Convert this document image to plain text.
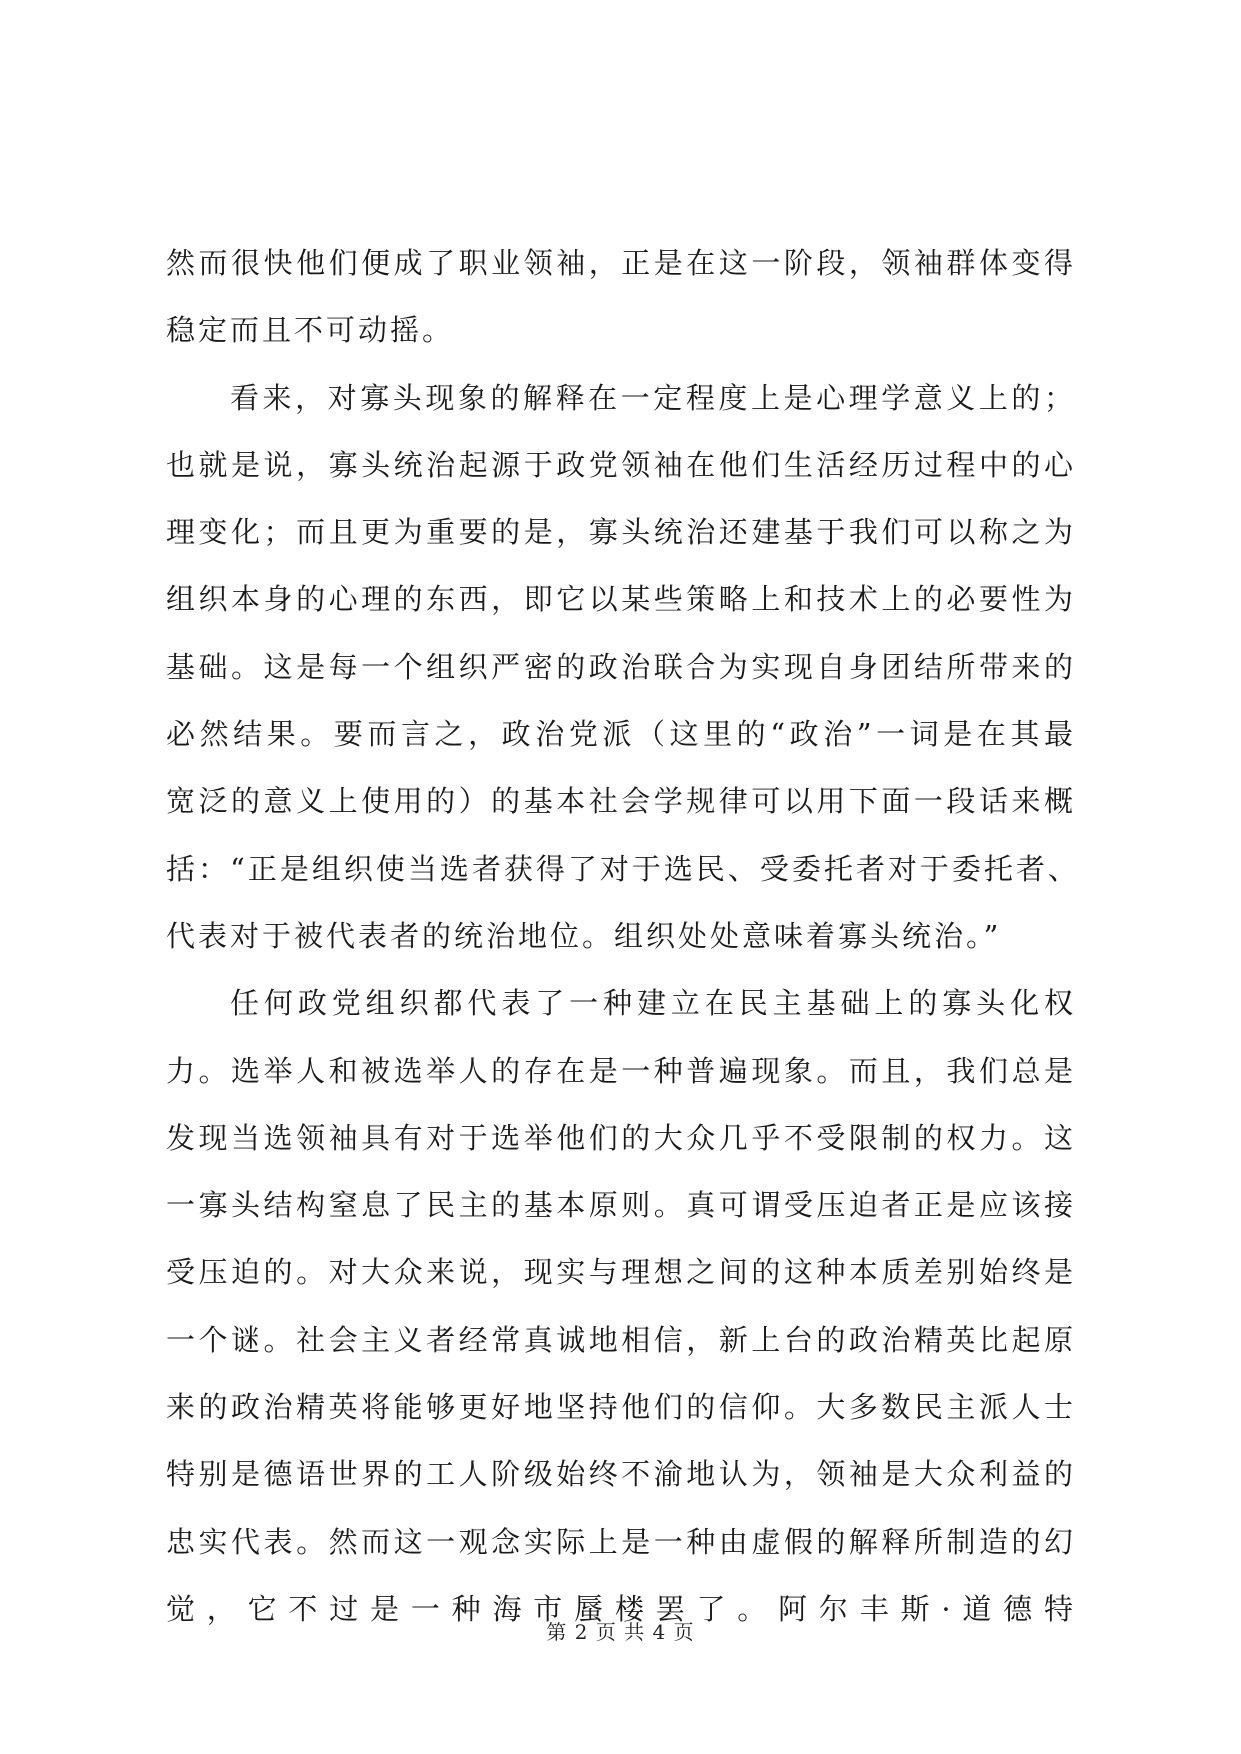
然而很快他们便成了职业领袖，正是在这一阶段，领袖群体变得
稳定而且不可动摇。
看来，对寡头现象的解释在一定程度上是心理学意义上的；
也就是说，寡头统治起源于政党领袖在他们生活经历过程中的心
理变化；而且更为重要的是，寡头统治还建基于我们可以称之为
组织本身的心理的东西，即它以某些策略上和技术上的必要性为
基础。这是每一个组织严密的政治联合为实现自身团结所带来的
必然结果。要而言之，政治党派（这里的“政治”一词是在其最
宽泛的意义上使用的）的基本社会学规律可以用下面一段话来概
括：“正是组织使当选者获得了对于选民、受委托者对于委托者、
代表对于被代表者的统治地位。组织处处意味着寡头统治。”
任何政党组织都代表了一种建立在民主基础上的寡头化权
力。选举人和被选举人的存在是一种普遍现象。而且，我们总是
发现当选领袖具有对于选举他们的大众几乎不受限制的权力。这
一寡头结构窒息了民主的基本原则。真可谓受压迫者正是应该接
受压迫的。对大众来说，现实与理想之间的这种本质差别始终是
一个谜。社会主义者经常真诚地相信，新上台的政治精英比起原
来的政治精英将能够更好地坚持他们的信仰。大多数民主派人士
特别是德语世界的工人阶级始终不渝地认为，领袖是大众利益的
忠实代表。然而这一观念实际上是一种由虚假的解释所制造的幻
觉，它不过是一种海市蜃楼罢了。阿尔丰斯·道德特
第 2 页 共 4 页
